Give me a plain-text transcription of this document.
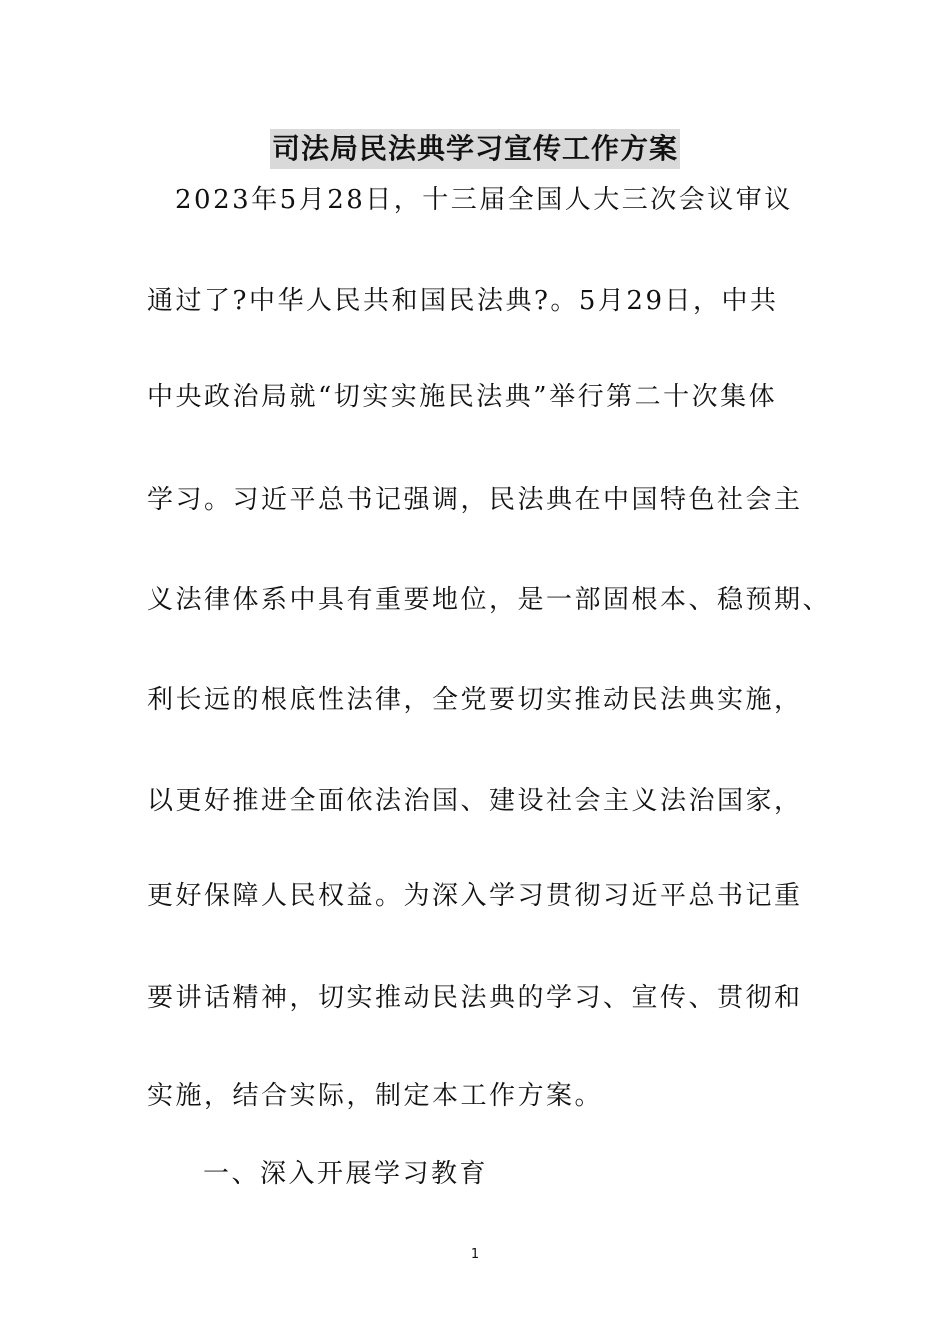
司法局民法典学习宣传工作方案
2023年5月28日，十三届全国人大三次会议审议
通过了?中华人民共和国民法典?。5月29日，中共
中央政治局就“切实实施民法典”举行第二十次集体
学习。习近平总书记强调，民法典在中国特色社会主
义法律体系中具有重要地位，是一部固根本、稳预期、
利长远的根底性法律，全党要切实推动民法典实施，
以更好推进全面依法治国、建设社会主义法治国家，
更好保障人民权益。为深入学习贯彻习近平总书记重
要讲话精神，切实推动民法典的学习、宣传、贯彻和
实施，结合实际，制定本工作方案。
一、深入开展学习教育
1
